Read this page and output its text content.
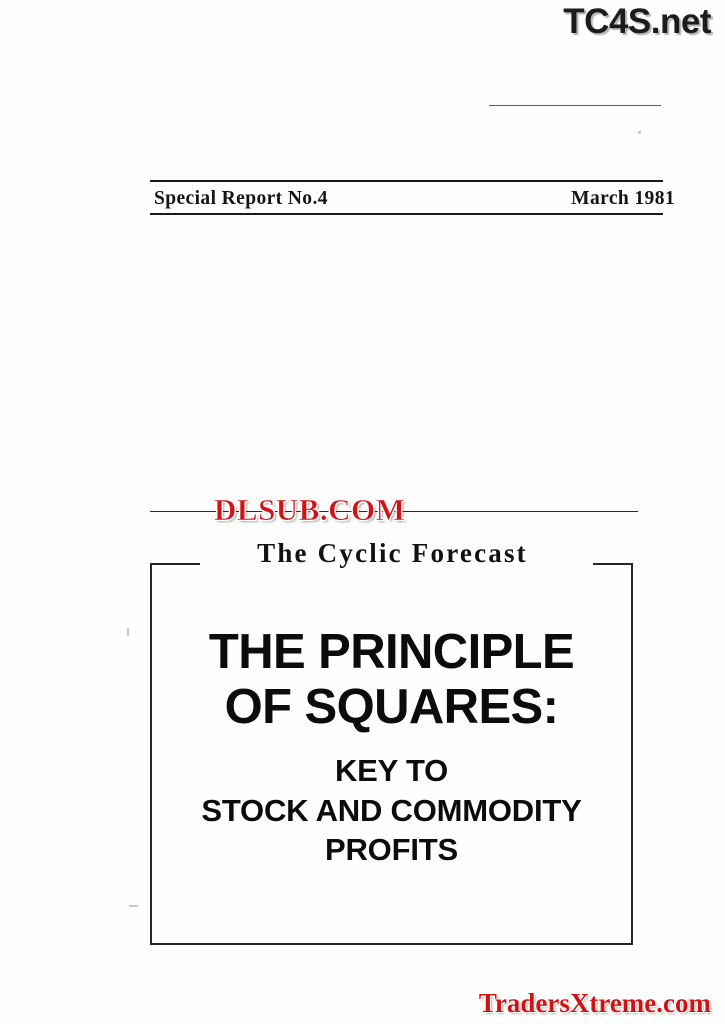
TC4S.net
Special Report No.4	March 1981
DLSUB.COM
The Cyclic Forecast
THE PRINCIPLE
OF SQUARES:
KEY TO
STOCK AND COMMODITY
PROFITS
TradersXtreme.com
